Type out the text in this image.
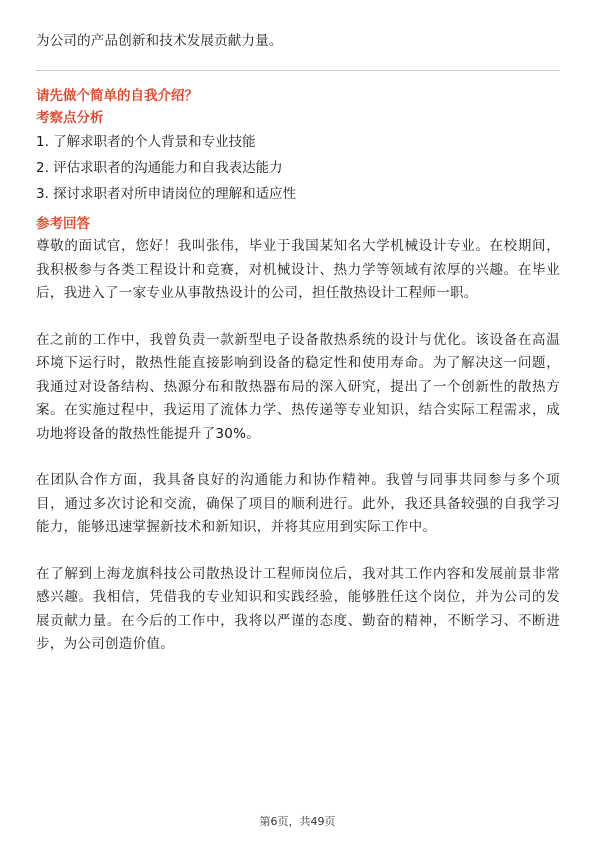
为公司的产品创新和技术发展贡献力量。

请先做个简单的自我介绍？

考察点分析

1. 了解求职者的个人背景和专业技能
2. 评估求职者的沟通能力和自我表达能力
3. 探讨求职者对所申请岗位的理解和适应性

参考回答

尊敬的面试官，您好！我叫张伟，毕业于我国某知名大学机械设计专业。在校期间，我积极参与各类工程设计和竞赛，对机械设计、热力学等领域有浓厚的兴趣。在毕业后，我进入了一家专业从事散热设计的公司，担任散热设计工程师一职。

在之前的工作中，我曾负责一款新型电子设备散热系统的设计与优化。该设备在高温环境下运行时，散热性能直接影响到设备的稳定性和使用寿命。为了解决这一问题，我通过对设备结构、热源分布和散热器布局的深入研究，提出了一个创新性的散热方案。在实施过程中，我运用了流体力学、热传递等专业知识，结合实际工程需求，成功地将设备的散热性能提升了30%。

在团队合作方面，我具备良好的沟通能力和协作精神。我曾与同事共同参与多个项目，通过多次讨论和交流，确保了项目的顺利进行。此外，我还具备较强的自我学习能力，能够迅速掌握新技术和新知识，并将其应用到实际工作中。

在了解到上海龙旗科技公司散热设计工程师岗位后，我对其工作内容和发展前景非常感兴趣。我相信，凭借我的专业知识和实践经验，能够胜任这个岗位，并为公司的发展贡献力量。在今后的工作中，我将以严谨的态度、勤奋的精神，不断学习、不断进步，为公司创造价值。

第6页，共49页
